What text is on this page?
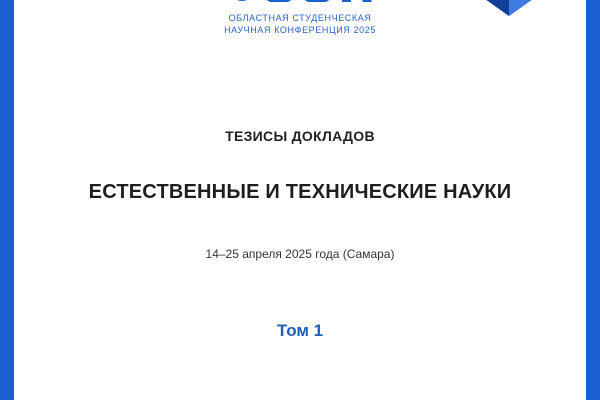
ОБЛАСТНАЯ СТУДЕНЧЕСКАЯ
НАУЧНАЯ КОНФЕРЕНЦИЯ 2025
ТЕЗИСЫ ДОКЛАДОВ
ЕСТЕСТВЕННЫЕ И ТЕХНИЧЕСКИЕ НАУКИ
14–25 апреля 2025 года (Самара)
Том 1
